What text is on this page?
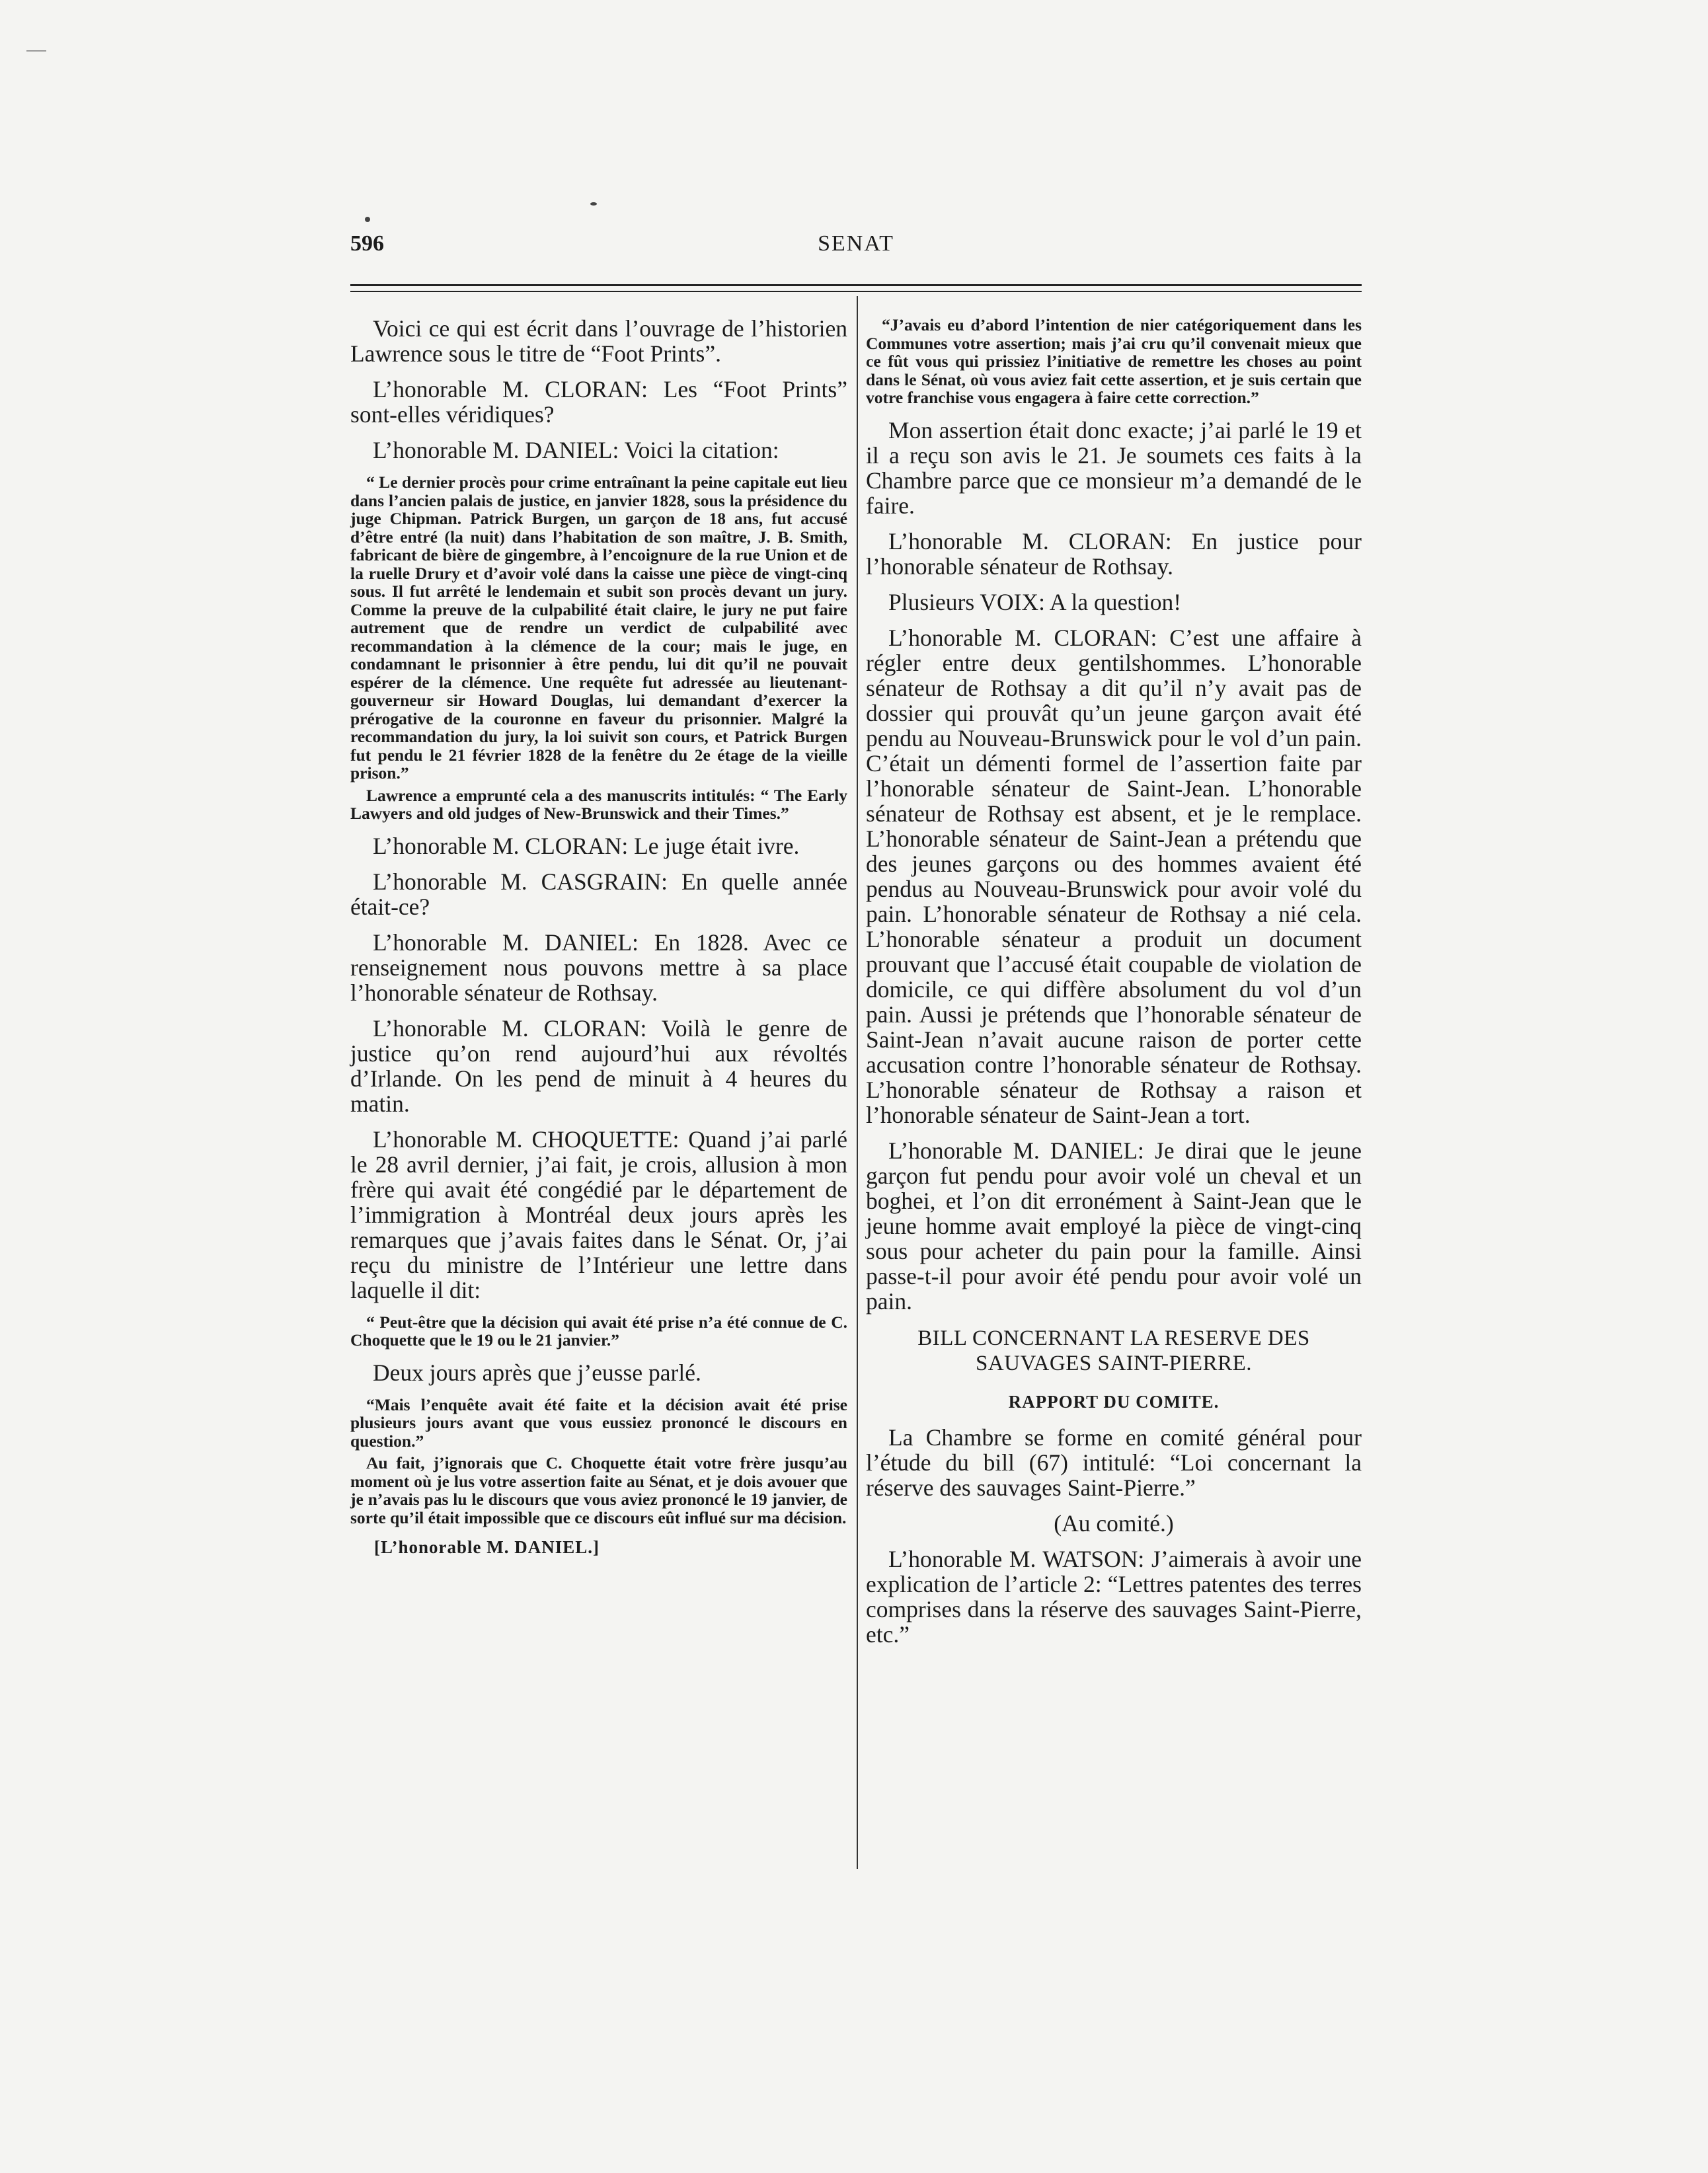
596	SENAT

Voici ce qui est écrit dans l’ouvrage de l’historien Lawrence sous le titre de “Foot Prints”.

L’honorable M. CLORAN: Les “Foot Prints” sont-elles véridiques?

L’honorable M. DANIEL: Voici la citation:

“ Le dernier procès pour crime entraînant la peine capitale eut lieu dans l’ancien palais de justice, en janvier 1828, sous la présidence du juge Chipman. Patrick Burgen, un garçon de 18 ans, fut accusé d’être entré (la nuit) dans l’habitation de son maître, J. B. Smith, fabricant de bière de gingembre, à l’encoignure de la rue Union et de la ruelle Drury et d’avoir volé dans la caisse une pièce de vingt-cinq sous. Il fut arrêté le lendemain et subit son procès devant un jury. Comme la preuve de la culpabilité était claire, le jury ne put faire autrement que de rendre un verdict de culpabilité avec recommandation à la clémence de la cour; mais le juge, en condamnant le prisonnier à être pendu, lui dit qu’il ne pouvait espérer de la clémence. Une requête fut adressée au lieutenant-gouverneur sir Howard Douglas, lui demandant d’exercer la prérogative de la couronne en faveur du prisonnier. Malgré la recommandation du jury, la loi suivit son cours, et Patrick Burgen fut pendu le 21 février 1828 de la fenêtre du 2e étage de la vieille prison.”

Lawrence a emprunté cela a des manuscrits intitulés: “ The Early Lawyers and old judges of New-Brunswick and their Times.”

L’honorable M. CLORAN: Le juge était ivre.

L’honorable M. CASGRAIN: En quelle année était-ce?

L’honorable M. DANIEL: En 1828. Avec ce renseignement nous pouvons mettre à sa place l’honorable sénateur de Rothsay.

L’honorable M. CLORAN: Voilà le genre de justice qu’on rend aujourd’hui aux révoltés d’Irlande. On les pend de minuit à 4 heures du matin.

L’honorable M. CHOQUETTE: Quand j’ai parlé le 28 avril dernier, j’ai fait, je crois, allusion à mon frère qui avait été congédié par le département de l’immigration à Montréal deux jours après les remarques que j’avais faites dans le Sénat. Or, j’ai reçu du ministre de l’Intérieur une lettre dans laquelle il dit:

“ Peut-être que la décision qui avait été prise n’a été connue de C. Choquette que le 19 ou le 21 janvier.”

Deux jours après que j’eusse parlé.

“Mais l’enquête avait été faite et la décision avait été prise plusieurs jours avant que vous eussiez prononcé le discours en question.”

Au fait, j’ignorais que C. Choquette était votre frère jusqu’au moment où je lus votre assertion faite au Sénat, et je dois avouer que je n’avais pas lu le discours que vous aviez prononcé le 19 janvier, de sorte qu’il était impossible que ce discours eût influé sur ma décision.

[L’honorable M. DANIEL.]

“J’avais eu d’abord l’intention de nier catégoriquement dans les Communes votre assertion; mais j’ai cru qu’il convenait mieux que ce fût vous qui prissiez l’initiative de remettre les choses au point dans le Sénat, où vous aviez fait cette assertion, et je suis certain que votre franchise vous engagera à faire cette correction.”

Mon assertion était donc exacte; j’ai parlé le 19 et il a reçu son avis le 21. Je soumets ces faits à la Chambre parce que ce monsieur m’a demandé de le faire.

L’honorable M. CLORAN: En justice pour l’honorable sénateur de Rothsay.

Plusieurs VOIX: A la question!

L’honorable M. CLORAN: C’est une affaire à régler entre deux gentilshommes. L’honorable sénateur de Rothsay a dit qu’il n’y avait pas de dossier qui prouvât qu’un jeune garçon avait été pendu au Nouveau-Brunswick pour le vol d’un pain. C’était un démenti formel de l’assertion faite par l’honorable sénateur de Saint-Jean. L’honorable sénateur de Rothsay est absent, et je le remplace. L’honorable sénateur de Saint-Jean a prétendu que des jeunes garçons ou des hommes avaient été pendus au Nouveau-Brunswick pour avoir volé du pain. L’honorable sénateur de Rothsay a nié cela. L’honorable sénateur a produit un document prouvant que l’accusé était coupable de violation de domicile, ce qui diffère absolument du vol d’un pain. Aussi je prétends que l’honorable sénateur de Saint-Jean n’avait aucune raison de porter cette accusation contre l’honorable sénateur de Rothsay. L’honorable sénateur de Rothsay a raison et l’honorable sénateur de Saint-Jean a tort.

L’honorable M. DANIEL: Je dirai que le jeune garçon fut pendu pour avoir volé un cheval et un boghei, et l’on dit erronément à Saint-Jean que le jeune homme avait employé la pièce de vingt-cinq sous pour acheter du pain pour la famille. Ainsi passe-t-il pour avoir été pendu pour avoir volé un pain.

BILL CONCERNANT LA RESERVE DES SAUVAGES SAINT-PIERRE.
RAPPORT DU COMITE.

La Chambre se forme en comité général pour l’étude du bill (67) intitulé: “Loi concernant la réserve des sauvages Saint-Pierre.”

(Au comité.)

L’honorable M. WATSON: J’aimerais à avoir une explication de l’article 2: “Lettres patentes des terres comprises dans la réserve des sauvages Saint-Pierre, etc.”
